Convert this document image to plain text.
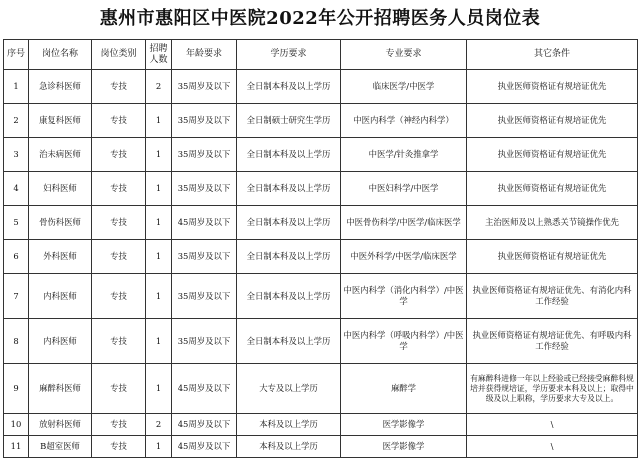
惠州市惠阳区中医院2022年公开招聘医务人员岗位表
序号	岗位名称	岗位类别	招聘人数	年龄要求	学历要求	专业要求	其它条件
1	急诊科医师	专技	2	35周岁及以下	全日制本科及以上学历	临床医学/中医学	执业医师资格证有规培证优先
2	康复科医师	专技	1	35周岁及以下	全日制硕士研究生学历	中医内科学（神经内科学）	执业医师资格证有规培证优先
3	治未病医师	专技	1	35周岁及以下	全日制本科及以上学历	中医学/针灸推拿学	执业医师资格证有规培证优先
4	妇科医师	专技	1	35周岁及以下	全日制本科及以上学历	中医妇科学/中医学	执业医师资格证有规培证优先
5	骨伤科医师	专技	1	45周岁及以下	全日制本科及以上学历	中医骨伤科学/中医学/临床医学	主治医师及以上熟悉关节镜操作优先
6	外科医师	专技	1	35周岁及以下	全日制本科及以上学历	中医外科学/中医学/临床医学	执业医师资格证有规培证优先
7	内科医师	专技	1	35周岁及以下	全日制本科及以上学历	中医内科学（消化内科学）/中医学	执业医师资格证有规培证优先、有消化内科工作经验
8	内科医师	专技	1	35周岁及以下	全日制本科及以上学历	中医内科学（呼吸内科学）/中医学	执业医师资格证有规培证优先、有呼吸内科工作经验
9	麻醉科医师	专技	1	45周岁及以下	大专及以上学历	麻醉学	有麻醉科进修一年以上经验或已经接受麻醉科规培并获得规培证，学历要求本科及以上；取得中级及以上职称，学历要求大专及以上。
10	放射科医师	专技	2	45周岁及以下	本科及以上学历	医学影像学	\
11	B超室医师	专技	1	45周岁及以下	本科及以上学历	医学影像学	\
